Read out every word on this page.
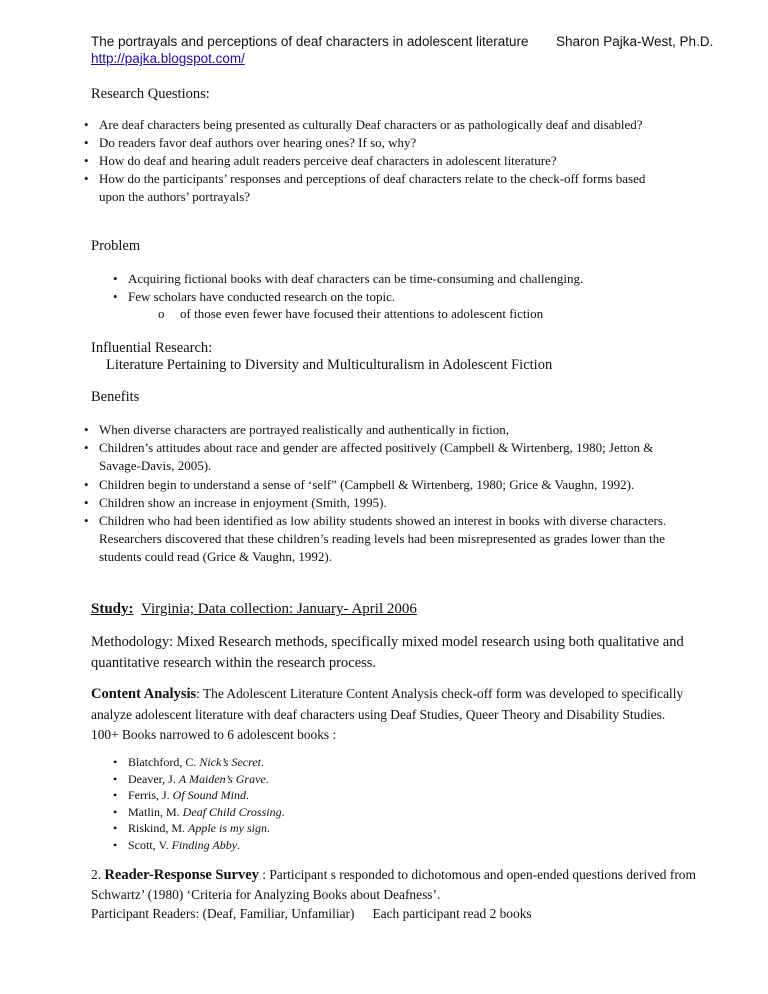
The portrayals and perceptions of deaf characters in adolescent literature Sharon Pajka-West, Ph.D.
http://pajka.blogspot.com/
Research Questions:
• Are deaf characters being presented as culturally Deaf characters or as pathologically deaf and disabled?
• Do readers favor deaf authors over hearing ones? If so, why?
• How do deaf and hearing adult readers perceive deaf characters in adolescent literature?
• How do the participants’ responses and perceptions of deaf characters relate to the check-off forms based upon the authors’ portrayals?
Problem
• Acquiring fictional books with deaf characters can be time-consuming and challenging.
• Few scholars have conducted research on the topic.
o of those even fewer have focused their attentions to adolescent fiction
Influential Research:
Literature Pertaining to Diversity and Multiculturalism in Adolescent Fiction
Benefits
• When diverse characters are portrayed realistically and authentically in fiction,
• Children’s attitudes about race and gender are affected positively (Campbell & Wirtenberg, 1980; Jetton & Savage-Davis, 2005).
• Children begin to understand a sense of ‘self” (Campbell & Wirtenberg, 1980; Grice & Vaughn, 1992).
• Children show an increase in enjoyment (Smith, 1995).
• Children who had been identified as low ability students showed an interest in books with diverse characters. Researchers discovered that these children’s reading levels had been misrepresented as grades lower than the students could read (Grice & Vaughn, 1992).
Study: Virginia; Data collection: January- April 2006
Methodology: Mixed Research methods, specifically mixed model research using both qualitative and quantitative research within the research process.
Content Analysis: The Adolescent Literature Content Analysis check-off form was developed to specifically analyze adolescent literature with deaf characters using Deaf Studies, Queer Theory and Disability Studies. 100+ Books narrowed to 6 adolescent books :
• Blatchford, C. Nick’s Secret.
• Deaver, J. A Maiden’s Grave.
• Ferris, J. Of Sound Mind.
• Matlin, M. Deaf Child Crossing.
• Riskind, M. Apple is my sign.
• Scott, V. Finding Abby.
2. Reader-Response Survey : Participant s responded to dichotomous and open-ended questions derived from Schwartz’ (1980) ‘Criteria for Analyzing Books about Deafness’.
Participant Readers: (Deaf, Familiar, Unfamiliar) Each participant read 2 books
